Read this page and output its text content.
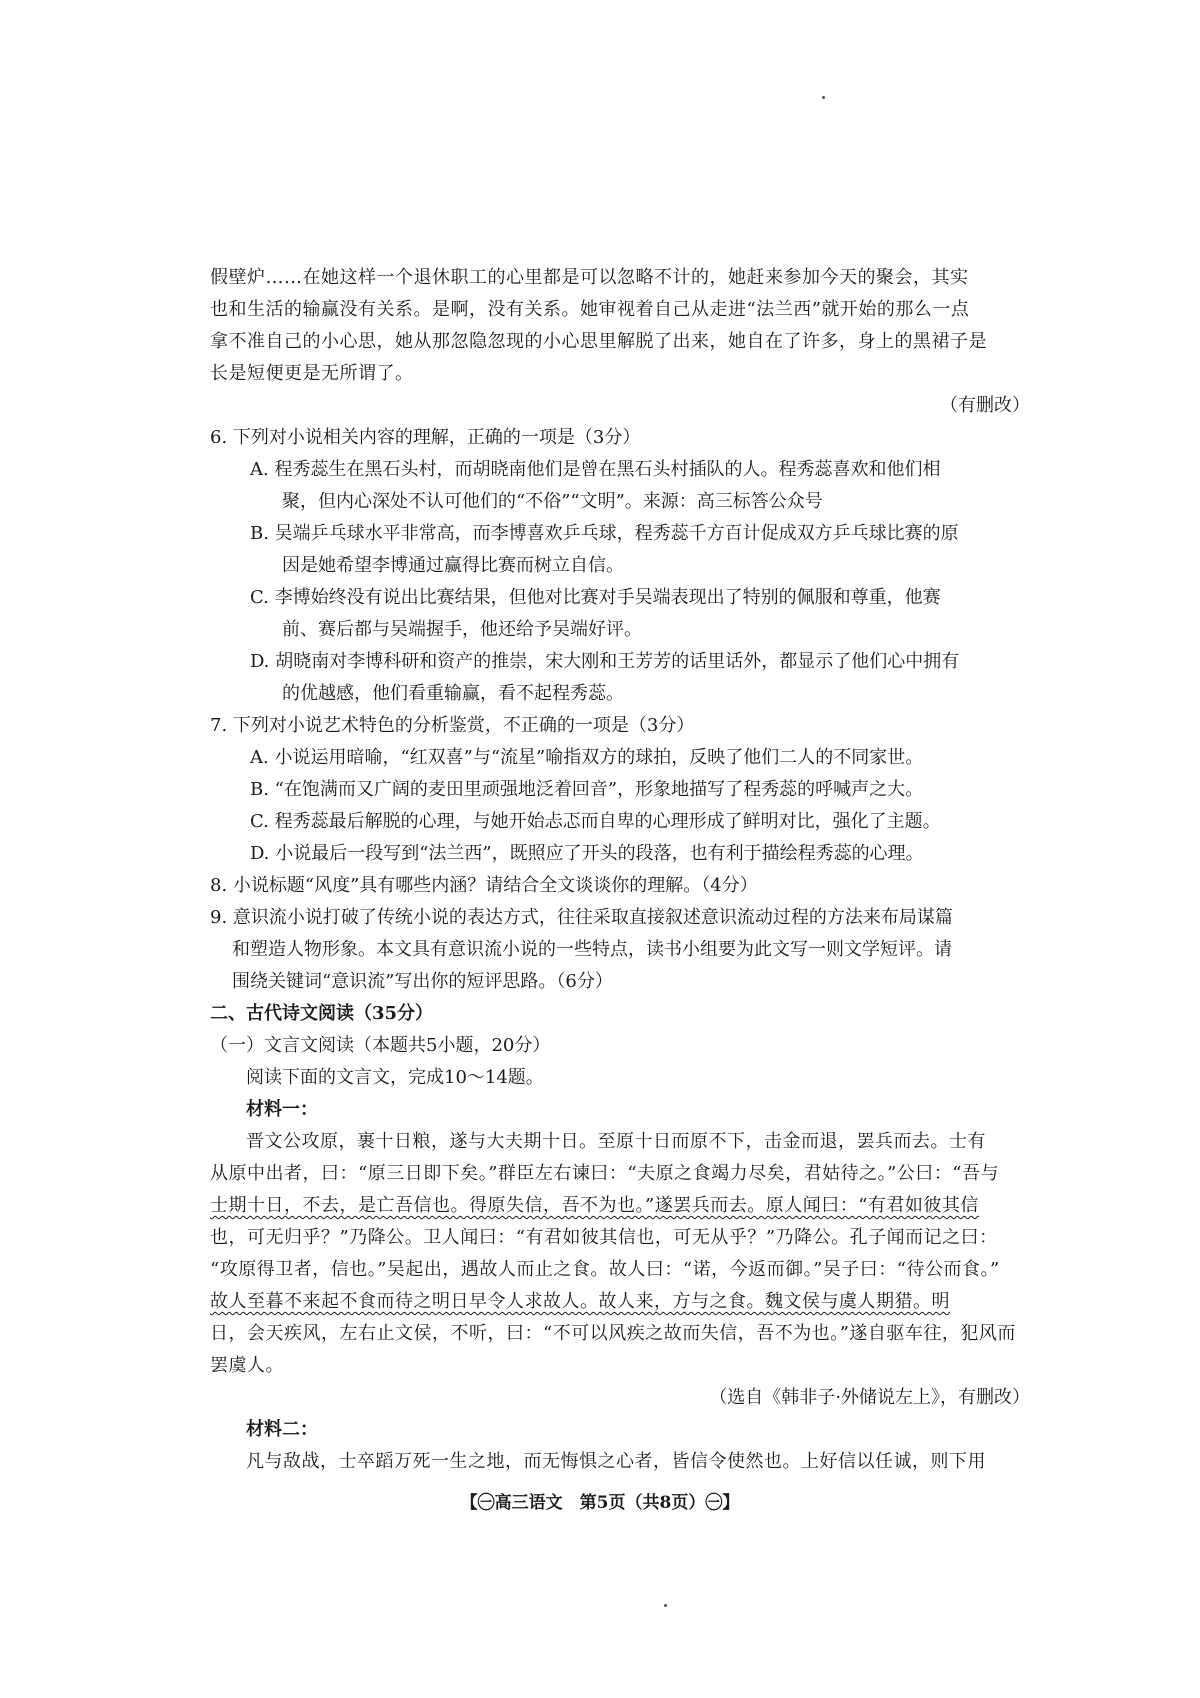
假壁炉……在她这样一个退休职工的心里都是可以忽略不计的，她赶来参加今天的聚会，其实

也和生活的输赢没有关系。是啊，没有关系。她审视着自己从走进“法兰西”就开始的那么一点

拿不准自己的小心思，她从那忽隐忽现的小心思里解脱了出来，她自在了许多，身上的黑裙子是

长是短便更是无所谓了。

（有删改）

6. 下列对小说相关内容的理解，正确的一项是（3分）

A. 程秀蕊生在黑石头村，而胡晓南他们是曾在黑石头村插队的人。程秀蕊喜欢和他们相
聚，但内心深处不认可他们的“不俗”“文明”。来源：高三标答公众号

B. 吴端乒乓球水平非常高，而李博喜欢乒乓球，程秀蕊千方百计促成双方乒乓球比赛的原
因是她希望李博通过赢得比赛而树立自信。

C. 李博始终没有说出比赛结果，但他对比赛对手吴端表现出了特别的佩服和尊重，他赛
前、赛后都与吴端握手，他还给予吴端好评。

D. 胡晓南对李博科研和资产的推崇，宋大刚和王芳芳的话里话外，都显示了他们心中拥有
的优越感，他们看重输赢，看不起程秀蕊。

7. 下列对小说艺术特色的分析鉴赏，不正确的一项是（3分）

A. 小说运用暗喻，“红双喜”与“流星”喻指双方的球拍，反映了他们二人的不同家世。

B. “在饱满而又广阔的麦田里顽强地泛着回音”，形象地描写了程秀蕊的呼喊声之大。

C. 程秀蕊最后解脱的心理，与她开始忐忑而自卑的心理形成了鲜明对比，强化了主题。

D. 小说最后一段写到“法兰西”，既照应了开头的段落，也有利于描绘程秀蕊的心理。

8. 小说标题“风度”具有哪些内涵？请结合全文谈谈你的理解。（4分）

9. 意识流小说打破了传统小说的表达方式，往往采取直接叙述意识流动过程的方法来布局谋篇

和塑造人物形象。本文具有意识流小说的一些特点，读书小组要为此文写一则文学短评。请

围绕关键词“意识流”写出你的短评思路。（6分）

二、古代诗文阅读（35分）

（一）文言文阅读（本题共5小题，20分）

阅读下面的文言文，完成10～14题。

材料一：

晋文公攻原，裹十日粮，遂与大夫期十日。至原十日而原不下，击金而退，罢兵而去。士有

从原中出者，曰：“原三日即下矣。”群臣左右谏曰：“夫原之食竭力尽矣，君姑待之。”公曰：“吾与

士期十日，不去，是亡吾信也。得原失信，吾不为也。”遂罢兵而去。原人闻曰：“有君如彼其信

也，可无归乎？”乃降公。卫人闻曰：“有君如彼其信也，可无从乎？”乃降公。孔子闻而记之曰：

“攻原得卫者，信也。”吴起出，遇故人而止之食。故人曰：“诺，今返而御。”吴子曰：“待公而食。”

故人至暮不来起不食而待之明日早令人求故人。故人来，方与之食。魏文侯与虞人期猎。明

日，会天疾风，左右止文侯，不听，曰：“不可以风疾之故而失信，吾不为也。”遂自驱车往，犯风而

罢虞人。

（选自《韩非子·外储说左上》，有删改）

材料二：

凡与敌战，士卒蹈万死一生之地，而无悔惧之心者，皆信令使然也。上好信以任诚，则下用

【㊀高三语文　第5页（共8页）㊀】
